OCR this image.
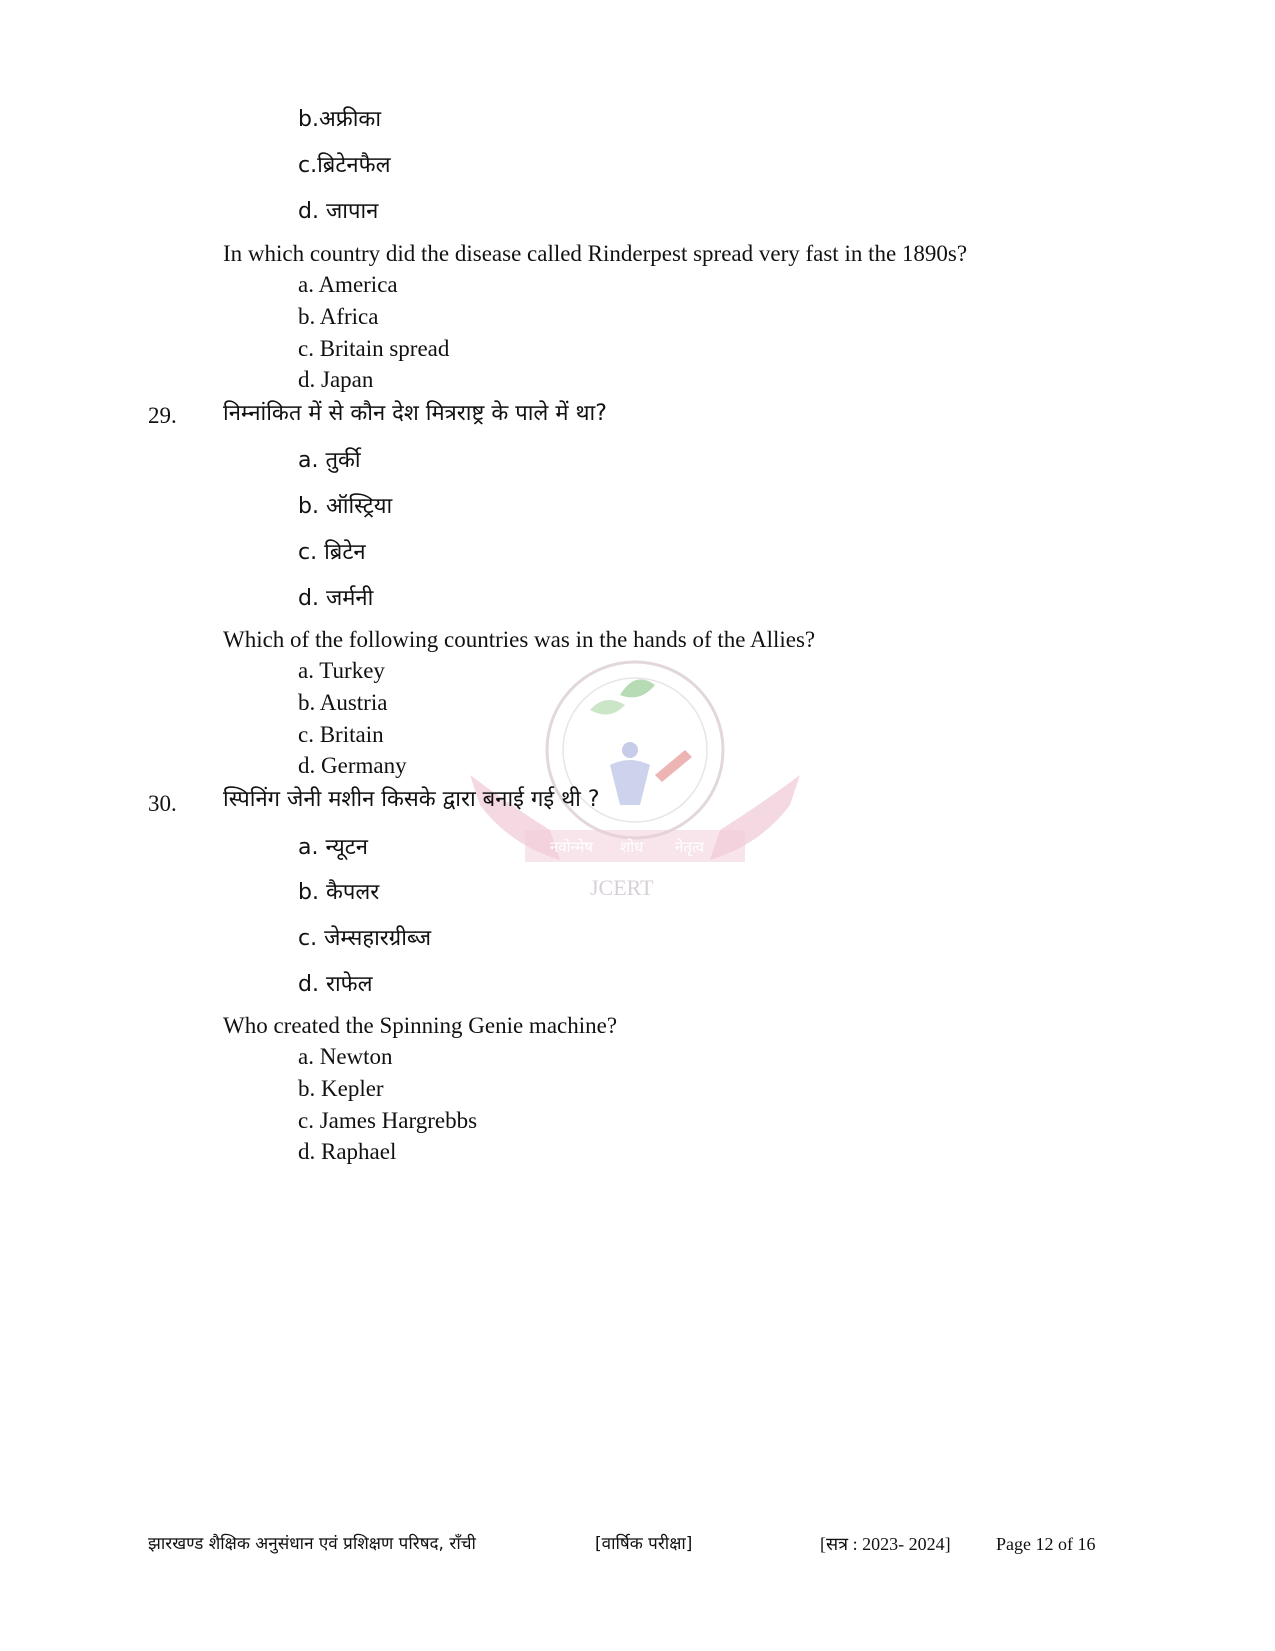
नवोन्मेष शोध नेतृत्व
JCERT
b.अफ्रीका
c.ब्रिटेनफैल
d. जापान
In which country did the disease called Rinderpest spread very fast in the 1890s?
a. America
b. Africa
c. Britain spread
d. Japan
29. निम्नांकित में से कौन देश मित्रराष्ट्र के पाले में था?
a. तुर्की
b. ऑस्ट्रिया
c. ब्रिटेन
d. जर्मनी
Which of the following countries was in the hands of the Allies?
a. Turkey
b. Austria
c. Britain
d. Germany
30. स्पिनिंग जेनी मशीन किसके द्वारा बनाई गई थी ?
a. न्यूटन
b. कैपलर
c. जेम्सहारग्रीब्ज
d. राफेल
Who created the Spinning Genie machine?
a. Newton
b. Kepler
c. James Hargrebbs
d. Raphael
झारखण्ड शैक्षिक अनुसंधान एवं प्रशिक्षण परिषद, राँची	[वार्षिक परीक्षा]	[सत्र : 2023- 2024]	Page 12 of 16
